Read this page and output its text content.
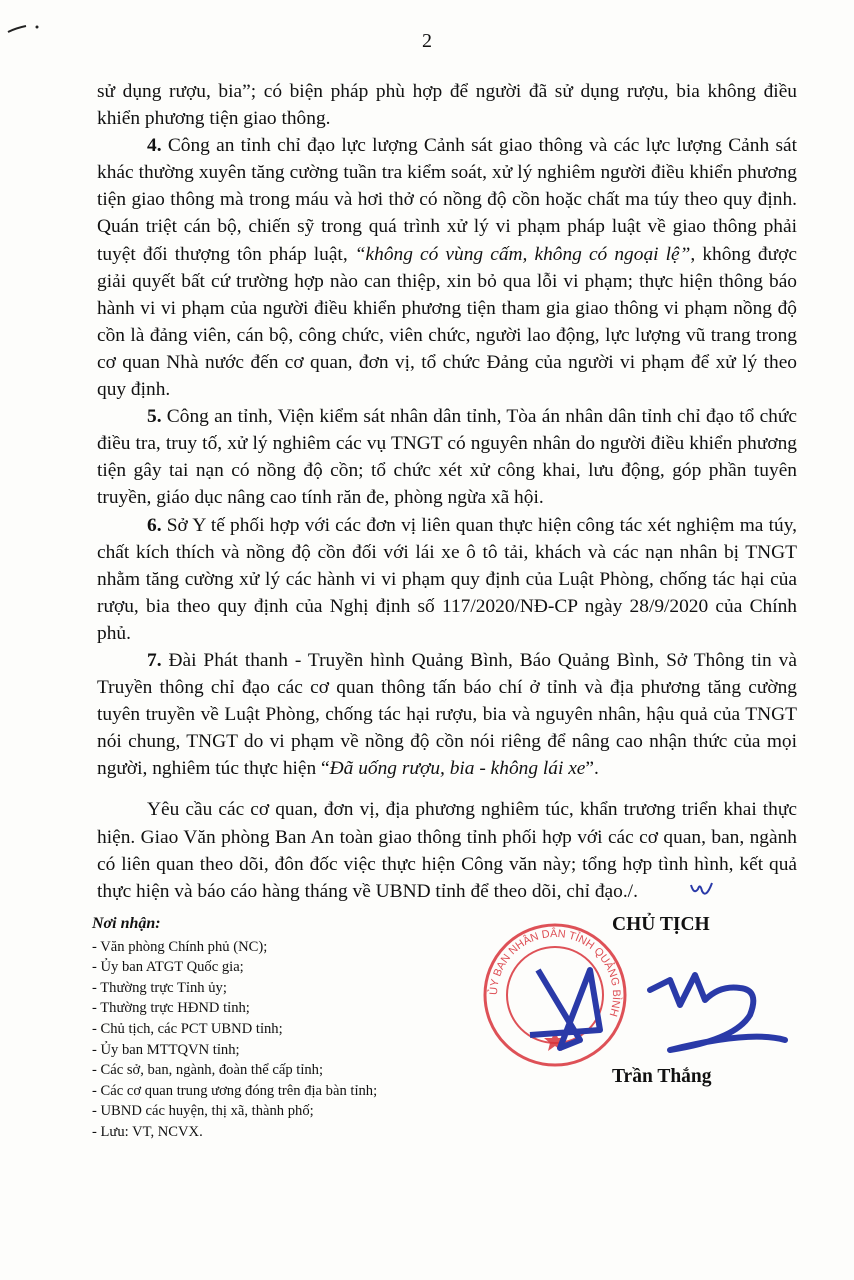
2

sử dụng rượu, bia”; có biện pháp phù hợp để người đã sử dụng rượu, bia không điều khiển phương tiện giao thông.

4. Công an tỉnh chỉ đạo lực lượng Cảnh sát giao thông và các lực lượng Cảnh sát khác thường xuyên tăng cường tuần tra kiểm soát, xử lý nghiêm người điều khiển phương tiện giao thông mà trong máu và hơi thở có nồng độ cồn hoặc chất ma túy theo quy định. Quán triệt cán bộ, chiến sỹ trong quá trình xử lý vi phạm pháp luật về giao thông phải tuyệt đối thượng tôn pháp luật, “không có vùng cấm, không có ngoại lệ”, không được giải quyết bất cứ trường hợp nào can thiệp, xin bỏ qua lỗi vi phạm; thực hiện thông báo hành vi vi phạm của người điều khiển phương tiện tham gia giao thông vi phạm nồng độ cồn là đảng viên, cán bộ, công chức, viên chức, người lao động, lực lượng vũ trang trong cơ quan Nhà nước đến cơ quan, đơn vị, tổ chức Đảng của người vi phạm để xử lý theo quy định.

5. Công an tỉnh, Viện kiểm sát nhân dân tỉnh, Tòa án nhân dân tỉnh chỉ đạo tổ chức điều tra, truy tố, xử lý nghiêm các vụ TNGT có nguyên nhân do người điều khiển phương tiện gây tai nạn có nồng độ cồn; tổ chức xét xử công khai, lưu động, góp phần tuyên truyền, giáo dục nâng cao tính răn đe, phòng ngừa xã hội.

6. Sở Y tế phối hợp với các đơn vị liên quan thực hiện công tác xét nghiệm ma túy, chất kích thích và nồng độ cồn đối với lái xe ô tô tải, khách và các nạn nhân bị TNGT nhằm tăng cường xử lý các hành vi vi phạm quy định của Luật Phòng, chống tác hại của rượu, bia theo quy định của Nghị định số 117/2020/NĐ-CP ngày 28/9/2020 của Chính phủ.

7. Đài Phát thanh - Truyền hình Quảng Bình, Báo Quảng Bình, Sở Thông tin và Truyền thông chỉ đạo các cơ quan thông tấn báo chí ở tỉnh và địa phương tăng cường tuyên truyền về Luật Phòng, chống tác hại rượu, bia và nguyên nhân, hậu quả của TNGT nói chung, TNGT do vi phạm về nồng độ cồn nói riêng để nâng cao nhận thức của mọi người, nghiêm túc thực hiện “Đã uống rượu, bia - không lái xe”.

Yêu cầu các cơ quan, đơn vị, địa phương nghiêm túc, khẩn trương triển khai thực hiện. Giao Văn phòng Ban An toàn giao thông tỉnh phối hợp với các cơ quan, ban, ngành có liên quan theo dõi, đôn đốc việc thực hiện Công văn này; tổng hợp tình hình, kết quả thực hiện và báo cáo hàng tháng về UBND tỉnh để theo dõi, chỉ đạo./.

Nơi nhận:

- Văn phòng Chính phủ (NC);
- Ủy ban ATGT Quốc gia;
- Thường trực Tỉnh ủy;
- Thường trực HĐND tỉnh;
- Chủ tịch, các PCT UBND tỉnh;
- Ủy ban MTTQVN tỉnh;
- Các sở, ban, ngành, đoàn thể cấp tỉnh;
- Các cơ quan trung ương đóng trên địa bàn tỉnh;
- UBND các huyện, thị xã, thành phố;
- Lưu: VT, NCVX.
ỦY BAN NHÂN DÂN TỈNH QUẢNG BÌNH
CHỦ TỊCH
Trần Thắng
